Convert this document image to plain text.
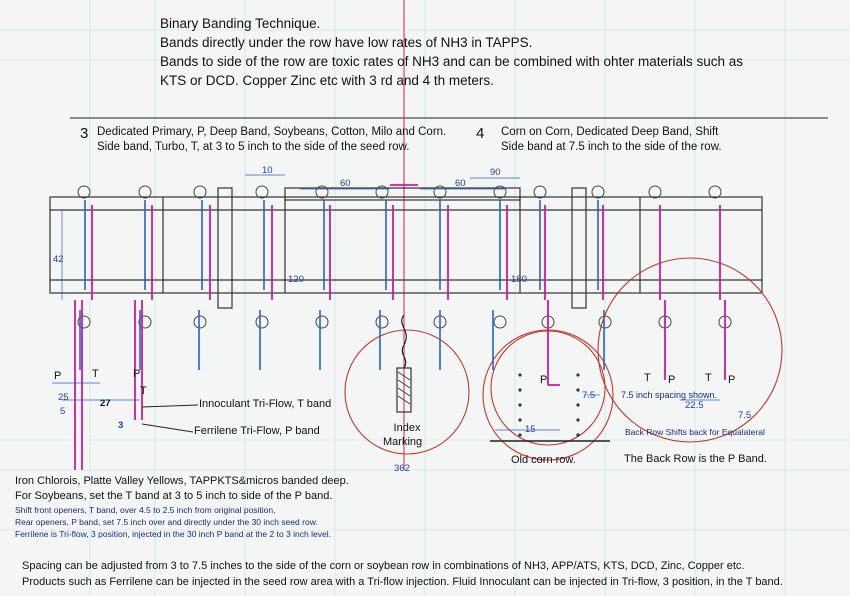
Binary Banding Technique.
Bands directly under the row have low rates of NH3 in TAPPS.
Bands to side of the row are toxic rates of NH3 and can be combined with ohter materials such as
KTS or DCD. Copper Zinc etc with 3 rd and 4 th meters.
3 Dedicated Primary, P, Deep Band, Soybeans, Cotton, Milo and Corn.
Side band, Turbo, T, at 3 to 5 inch to the side of the seed row.
4 Corn on Corn, Dedicated Deep Band, Shift
Side band at 7.5 inch to the side of the row.
10
60	60
90
42
120	180
362
25
5
27
3	15
7.5
22.5
7.5
P	T	P
T
P	T P	T P
Innoculant Tri-Flow, T band
Ferrilene Tri-Flow, P band	Index
Marking
Old corn row.
7.5 inch spacing shown.
Back Row Shifts back for Equalateral
The Back Row is the P Band.
Iron Chlorois, Platte Valley Yellows, TAPPKTS&micros banded deep.
For Soybeans, set the T band at 3 to 5 inch to side of the P band.
Shift front openers, T band, over 4.5 to 2.5 inch from original position,
Rear openers, P band, set 7.5 inch over and directly under the 30 inch seed row.
Ferrilene is Tri-flow, 3 position, injected in the 30 inch P band at the 2 to 3 inch level.
Spacing can be adjusted from 3 to 7.5 inches to the side of the corn or soybean row in combinations of NH3, APP/ATS, KTS, DCD, Zinc, Copper etc.
Products such as Ferrilene can be injected in the seed row area with a Tri-flow injection. Fluid Innoculant can be injected in Tri-flow, 3 position, in the T band.
